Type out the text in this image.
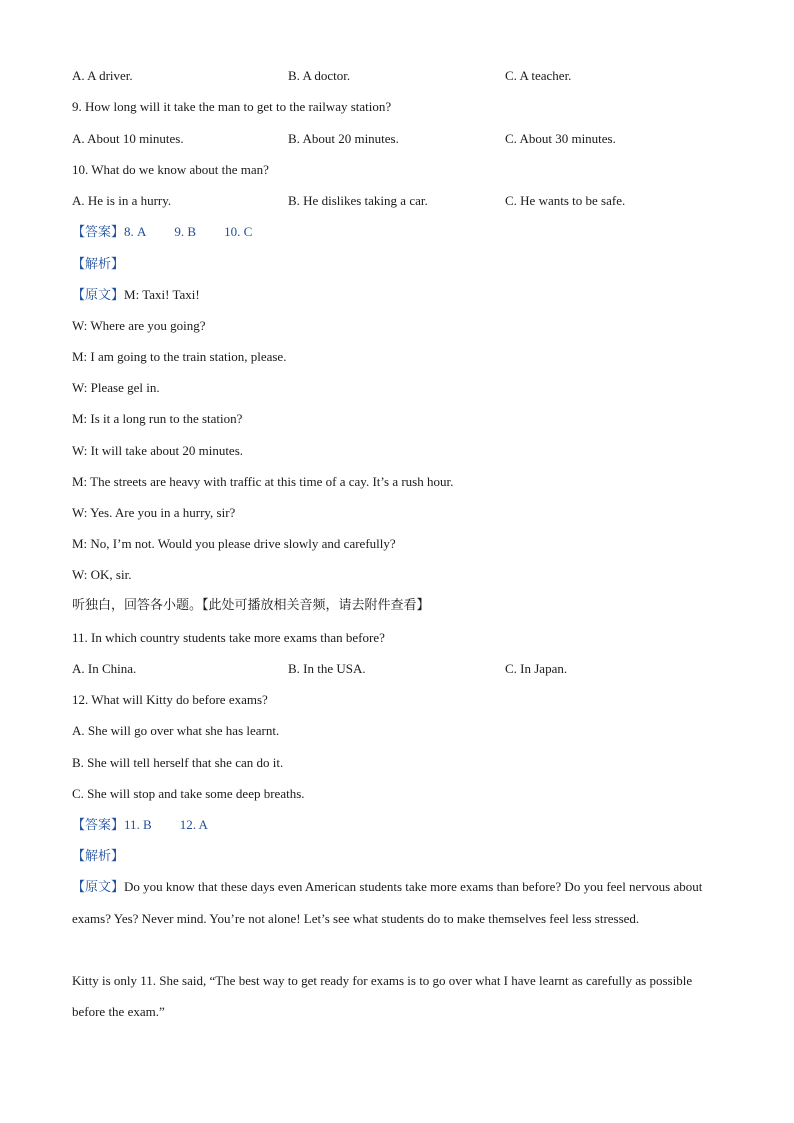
A. A driver.	B. A doctor.	C. A teacher.
9. How long will it take the man to get to the railway station?
A. About 10 minutes.	B. About 20 minutes.	C. About 30 minutes.
10. What do we know about the man?
A. He is in a hurry.	B. He dislikes taking a car.	C. He wants to be safe.
【答案】8. A 9. B 10. C
【解析】
【原文】M: Taxi! Taxi!
W: Where are you going?
M: I am going to the train station, please.
W: Please gel in.
M: Is it a long run to the station?
W: It will take about 20 minutes.
M: The streets are heavy with traffic at this time of a cay. It’s a rush hour.
W: Yes. Are you in a hurry, sir?
M: No, I’m not. Would you please drive slowly and carefully?
W: OK, sir.
听独白，回答各小题。【此处可播放相关音频，请去附件查看】
11. In which country students take more exams than before?
A. In China.	B. In the USA.	C. In Japan.
12. What will Kitty do before exams?
A. She will go over what she has learnt.
B. She will tell herself that she can do it.
C. She will stop and take some deep breaths.
【答案】11. B 12. A
【解析】
【原文】Do you know that these days even American students take more exams than before? Do you feel nervous about exams? Yes? Never mind. You’re not alone! Let’s see what students do to make themselves feel less stressed.
Kitty is only 11. She said, “The best way to get ready for exams is to go over what I have learnt as carefully as possible before the exam.”
